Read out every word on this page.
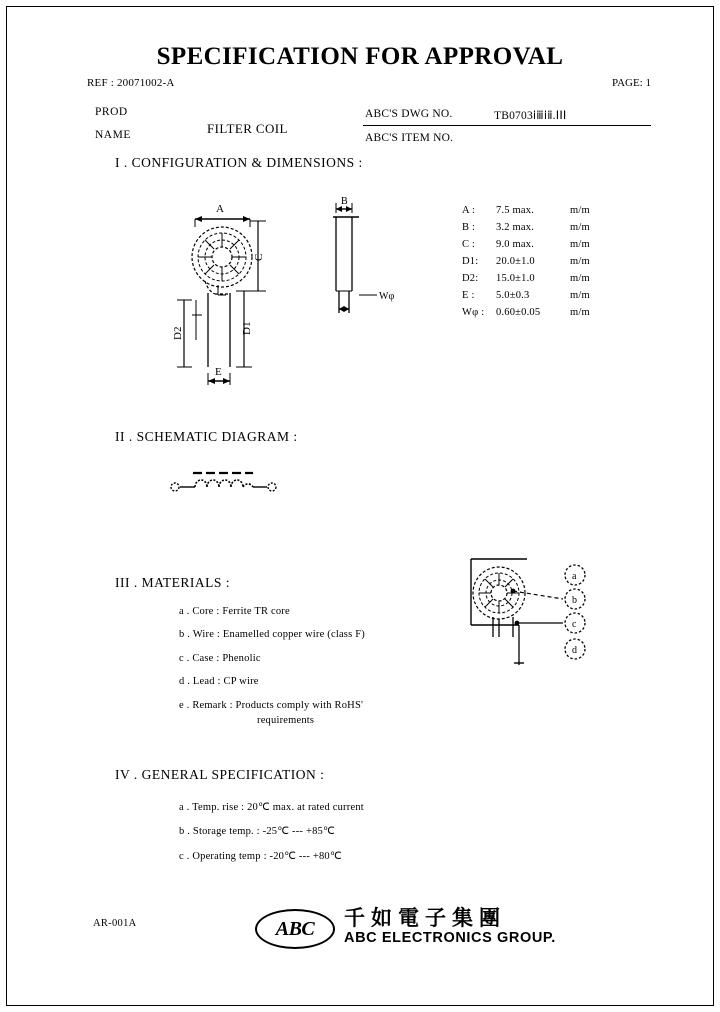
SPECIFICATION FOR APPROVAL
REF : 20071002-A	PAGE: 1
PROD
NAME	FILTER COIL
ABC'S DWG NO.	TB0703ⅰⅲⅰⅱ.ⅠⅠⅠ
ABC'S ITEM NO.
I . CONFIGURATION & DIMENSIONS :
A
C
D1
D2
E
B
Wφ
A :	7.5 max.	m/m
B :	3.2 max.	m/m
C :	9.0 max.	m/m
D1:	20.0±1.0	m/m
D2:	15.0±1.0	m/m
E :	5.0±0.3	m/m
Wφ :	0.60±0.05	m/m
II . SCHEMATIC DIAGRAM :
III . MATERIALS :
a . Core : Ferrite TR core
b . Wire : Enamelled copper wire (class F)
c . Case : Phenolic
d . Lead : CP wire
e . Remark : Products comply with RoHS'
requirements
a
b
c
d
IV . GENERAL SPECIFICATION :
a . Temp. rise : 20℃ max. at rated current
b . Storage temp. : -25℃ --- +85℃
c . Operating temp : -20℃ --- +80℃
AR-001A	ABC	千如電子集團
ABC ELECTRONICS GROUP.
